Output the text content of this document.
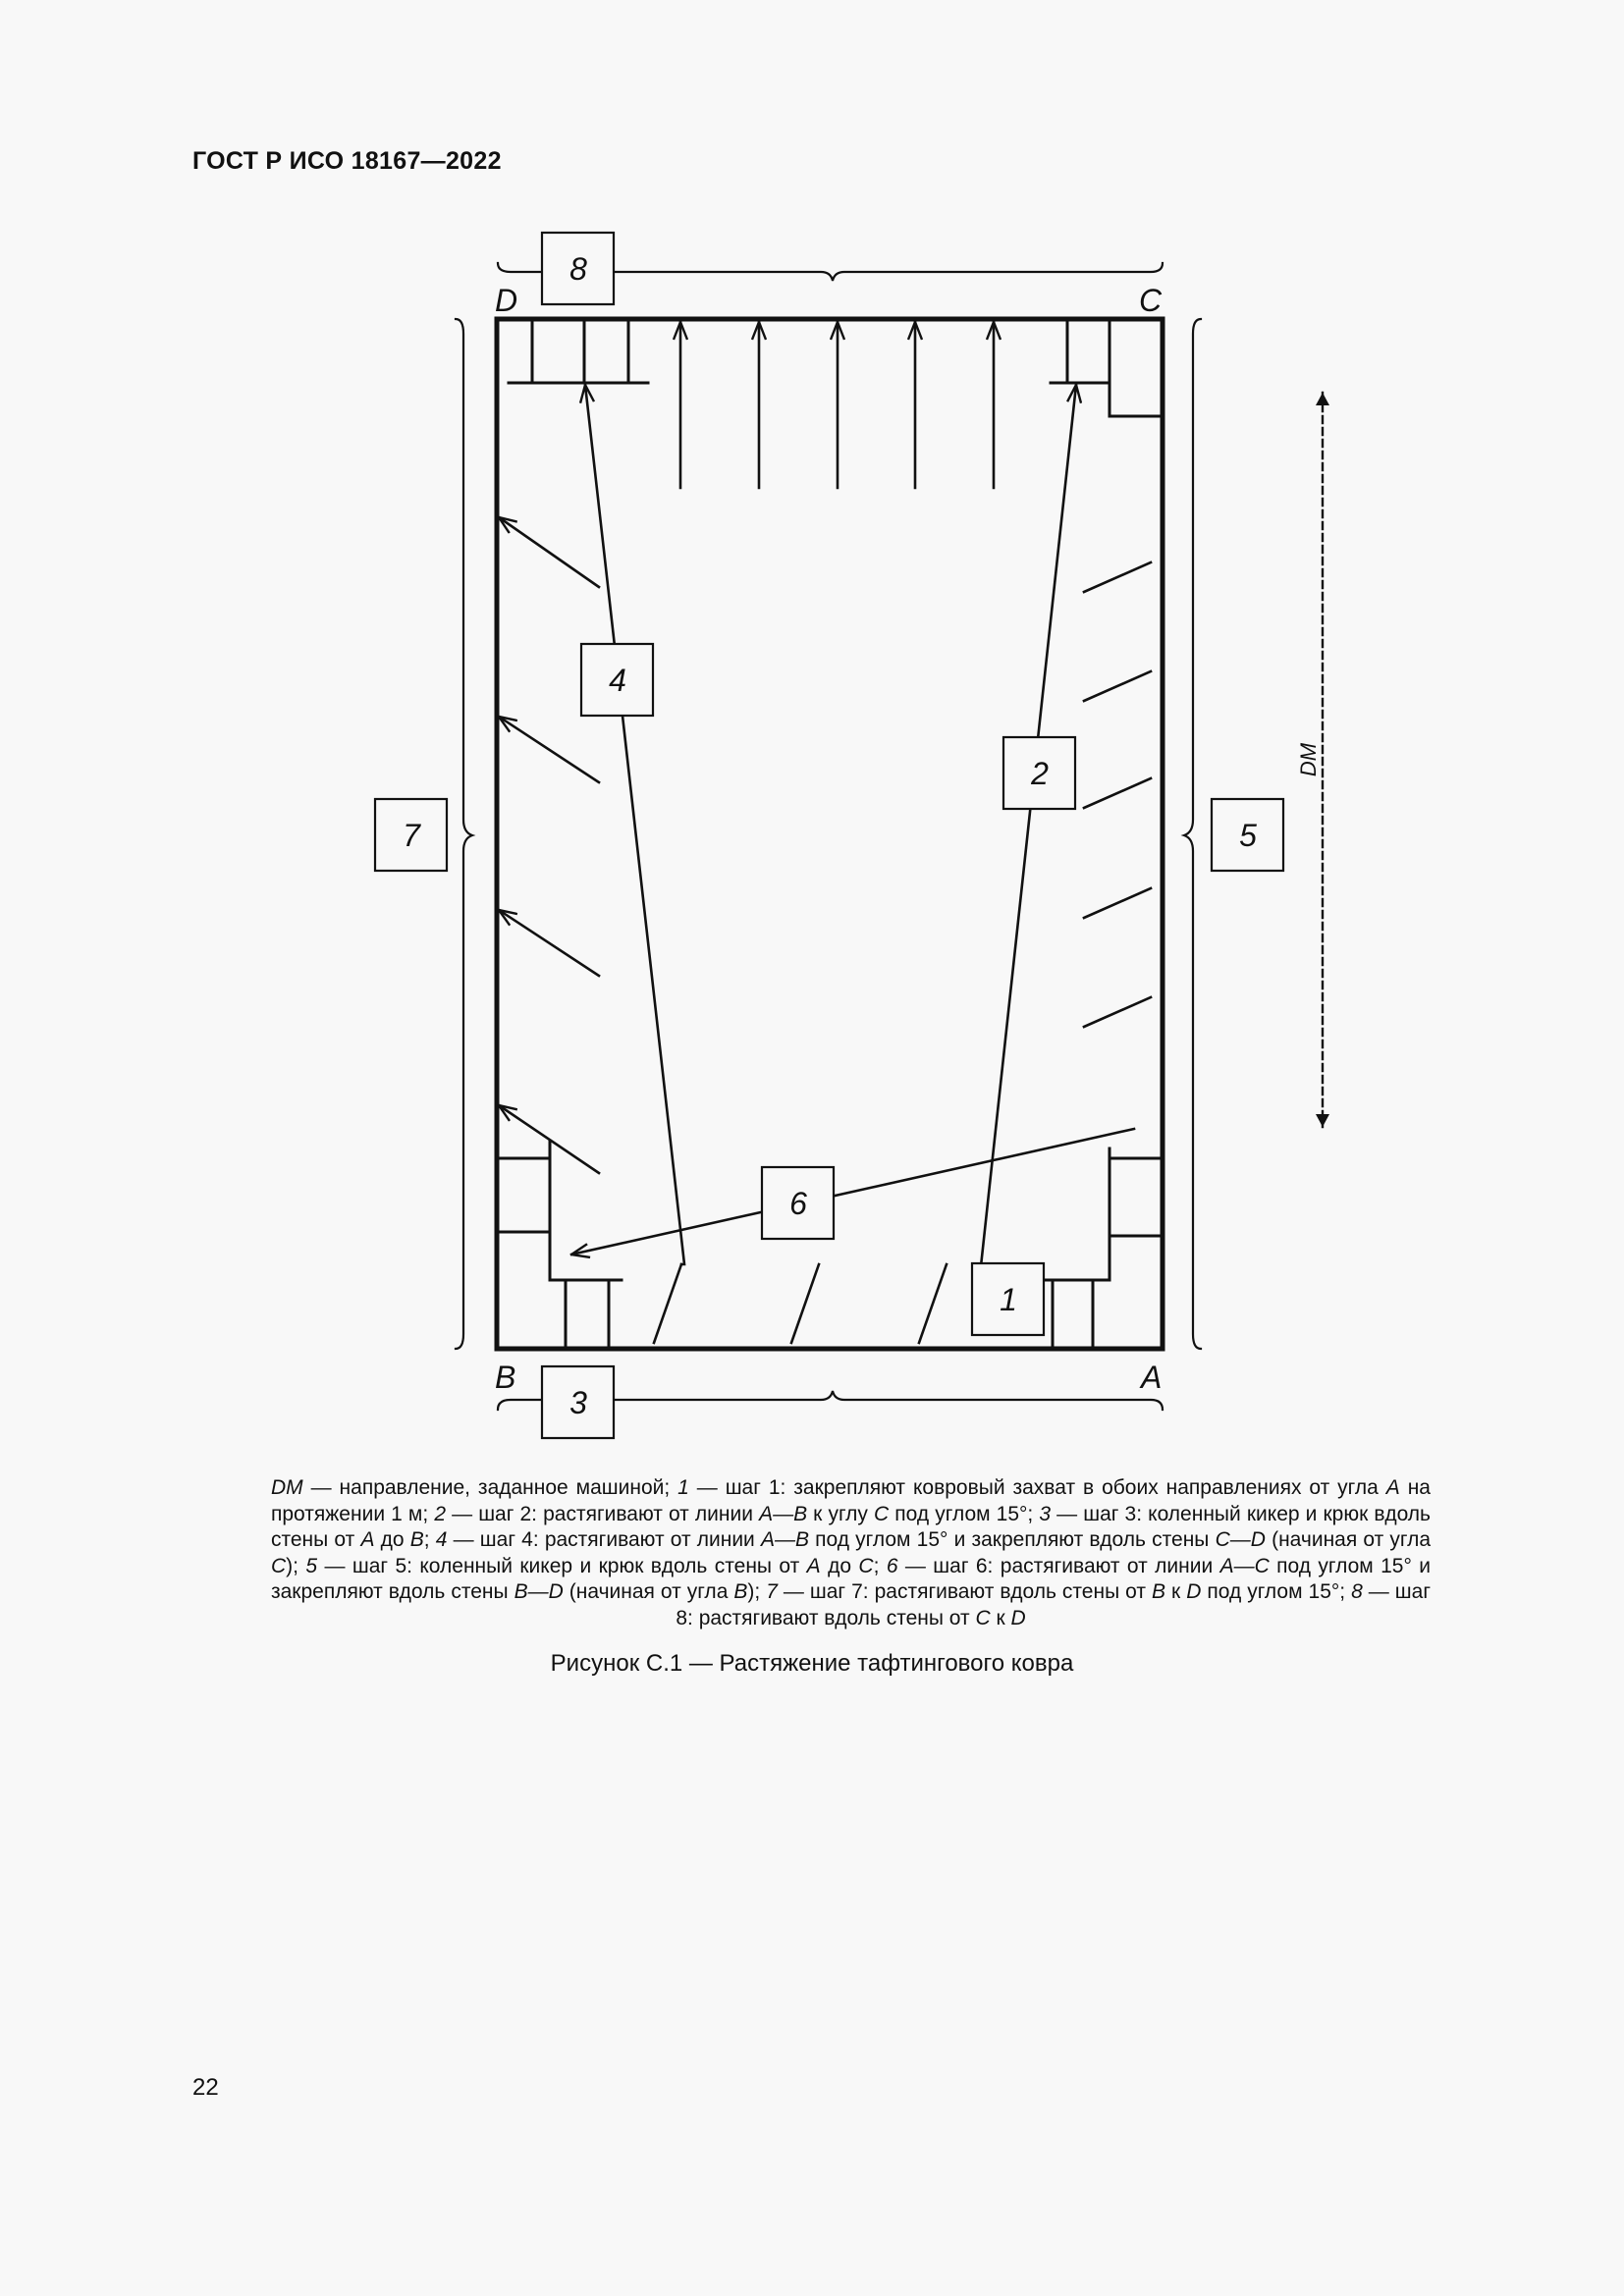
ГОСТ Р ИСО 18167—2022
8
3
4
2
7	5
6
1
D	C
B	A
DM
DM — направление, заданное машиной; 1 — шаг 1: закрепляют ковровый захват в обоих направлениях от угла A на протяжении 1 м; 2 — шаг 2: растягивают от линии A—B к углу C под углом 15°; 3 — шаг 3: коленный кикер и крюк вдоль стены от A до B; 4 — шаг 4: растягивают от линии A—B под углом 15° и закрепляют вдоль стены C—D (начиная от угла C); 5 — шаг 5: коленный кикер и крюк вдоль стены от A до C; 6 — шаг 6: растягивают от линии A—C под углом 15° и закрепляют вдоль стены B—D (начиная от угла B); 7 — шаг 7: растягивают вдоль стены от B к D под углом 15°; 8 — шаг 8: растягивают вдоль стены от C к D
Рисунок С.1 — Растяжение тафтингового ковра
22
